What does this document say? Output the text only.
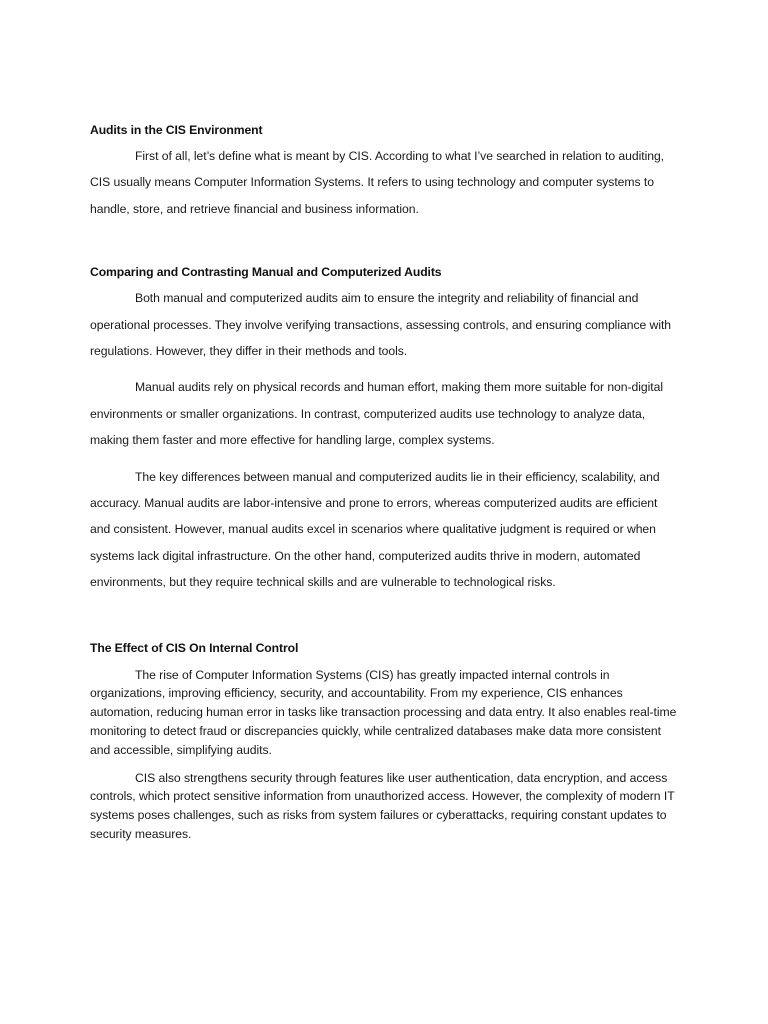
Audits in the CIS Environment

First of all, let’s define what is meant by CIS. According to what I’ve searched in relation to auditing, CIS usually means Computer Information Systems. It refers to using technology and computer systems to handle, store, and retrieve financial and business information.

Comparing and Contrasting Manual and Computerized Audits

Both manual and computerized audits aim to ensure the integrity and reliability of financial and operational processes. They involve verifying transactions, assessing controls, and ensuring compliance with regulations. However, they differ in their methods and tools.

Manual audits rely on physical records and human effort, making them more suitable for non-digital environments or smaller organizations. In contrast, computerized audits use technology to analyze data, making them faster and more effective for handling large, complex systems.

The key differences between manual and computerized audits lie in their efficiency, scalability, and accuracy. Manual audits are labor-intensive and prone to errors, whereas computerized audits are efficient and consistent. However, manual audits excel in scenarios where qualitative judgment is required or when systems lack digital infrastructure. On the other hand, computerized audits thrive in modern, automated environments, but they require technical skills and are vulnerable to technological risks.

The Effect of CIS On Internal Control

The rise of Computer Information Systems (CIS) has greatly impacted internal controls in organizations, improving efficiency, security, and accountability. From my experience, CIS enhances automation, reducing human error in tasks like transaction processing and data entry. It also enables real-time monitoring to detect fraud or discrepancies quickly, while centralized databases make data more consistent and accessible, simplifying audits.

CIS also strengthens security through features like user authentication, data encryption, and access controls, which protect sensitive information from unauthorized access. However, the complexity of modern IT systems poses challenges, such as risks from system failures or cyberattacks, requiring constant updates to security measures.
